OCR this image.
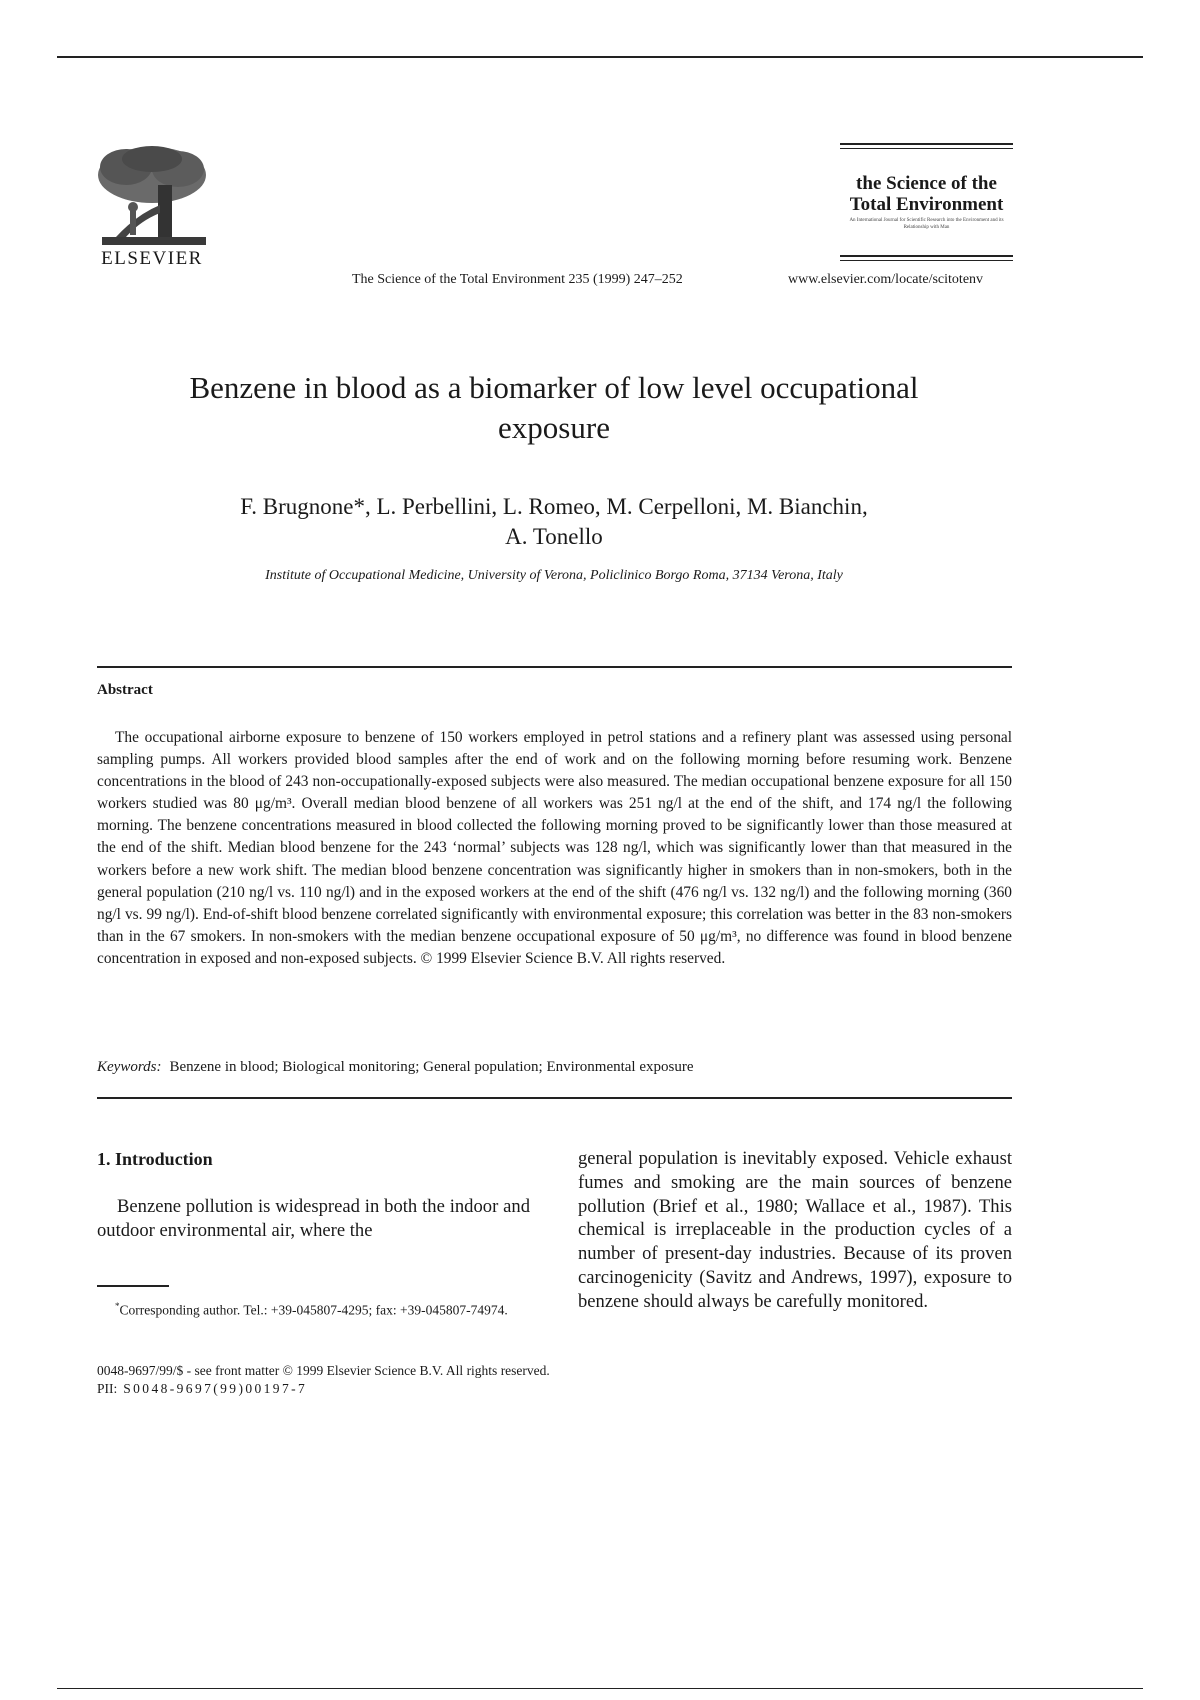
ELSEVIER
the Science of the
Total Environment
An International Journal for Scientific Research into the Environment and its Relationship with Man
The Science of the Total Environment 235 (1999) 247–252	www.elsevier.com/locate/scitotenv
Benzene in blood as a biomarker of low level occupational exposure
F. Brugnone*, L. Perbellini, L. Romeo, M. Cerpelloni, M. Bianchin,
A. Tonello
Institute of Occupational Medicine, University of Verona, Policlinico Borgo Roma, 37134 Verona, Italy
Abstract
The occupational airborne exposure to benzene of 150 workers employed in petrol stations and a refinery plant was assessed using personal sampling pumps. All workers provided blood samples after the end of work and on the following morning before resuming work. Benzene concentrations in the blood of 243 non-occupationally-exposed subjects were also measured. The median occupational benzene exposure for all 150 workers studied was 80 μg/m³. Overall median blood benzene of all workers was 251 ng/l at the end of the shift, and 174 ng/l the following morning. The benzene concentrations measured in blood collected the following morning proved to be significantly lower than those measured at the end of the shift. Median blood benzene for the 243 ‘normal’ subjects was 128 ng/l, which was significantly lower than that measured in the workers before a new work shift. The median blood benzene concentration was significantly higher in smokers than in non-smokers, both in the general population (210 ng/l vs. 110 ng/l) and in the exposed workers at the end of the shift (476 ng/l vs. 132 ng/l) and the following morning (360 ng/l vs. 99 ng/l). End-of-shift blood benzene correlated significantly with environmental exposure; this correlation was better in the 83 non-smokers than in the 67 smokers. In non-smokers with the median benzene occupational exposure of 50 μg/m³, no difference was found in blood benzene concentration in exposed and non-exposed subjects. © 1999 Elsevier Science B.V. All rights reserved.
Keywords: Benzene in blood; Biological monitoring; General population; Environmental exposure
1. Introduction
Benzene pollution is widespread in both the indoor and outdoor environmental air, where the
general population is inevitably exposed. Vehicle exhaust fumes and smoking are the main sources of benzene pollution (Brief et al., 1980; Wallace et al., 1987). This chemical is irreplaceable in the production cycles of a number of present-day industries. Because of its proven carcinogenicity (Savitz and Andrews, 1997), exposure to benzene should always be carefully monitored.
*Corresponding author. Tel.: +39-045807-4295; fax: +39-045807-74974.
0048-9697/99/$ - see front matter © 1999 Elsevier Science B.V. All rights reserved.
PII: S0048-9697(99)00197-7
